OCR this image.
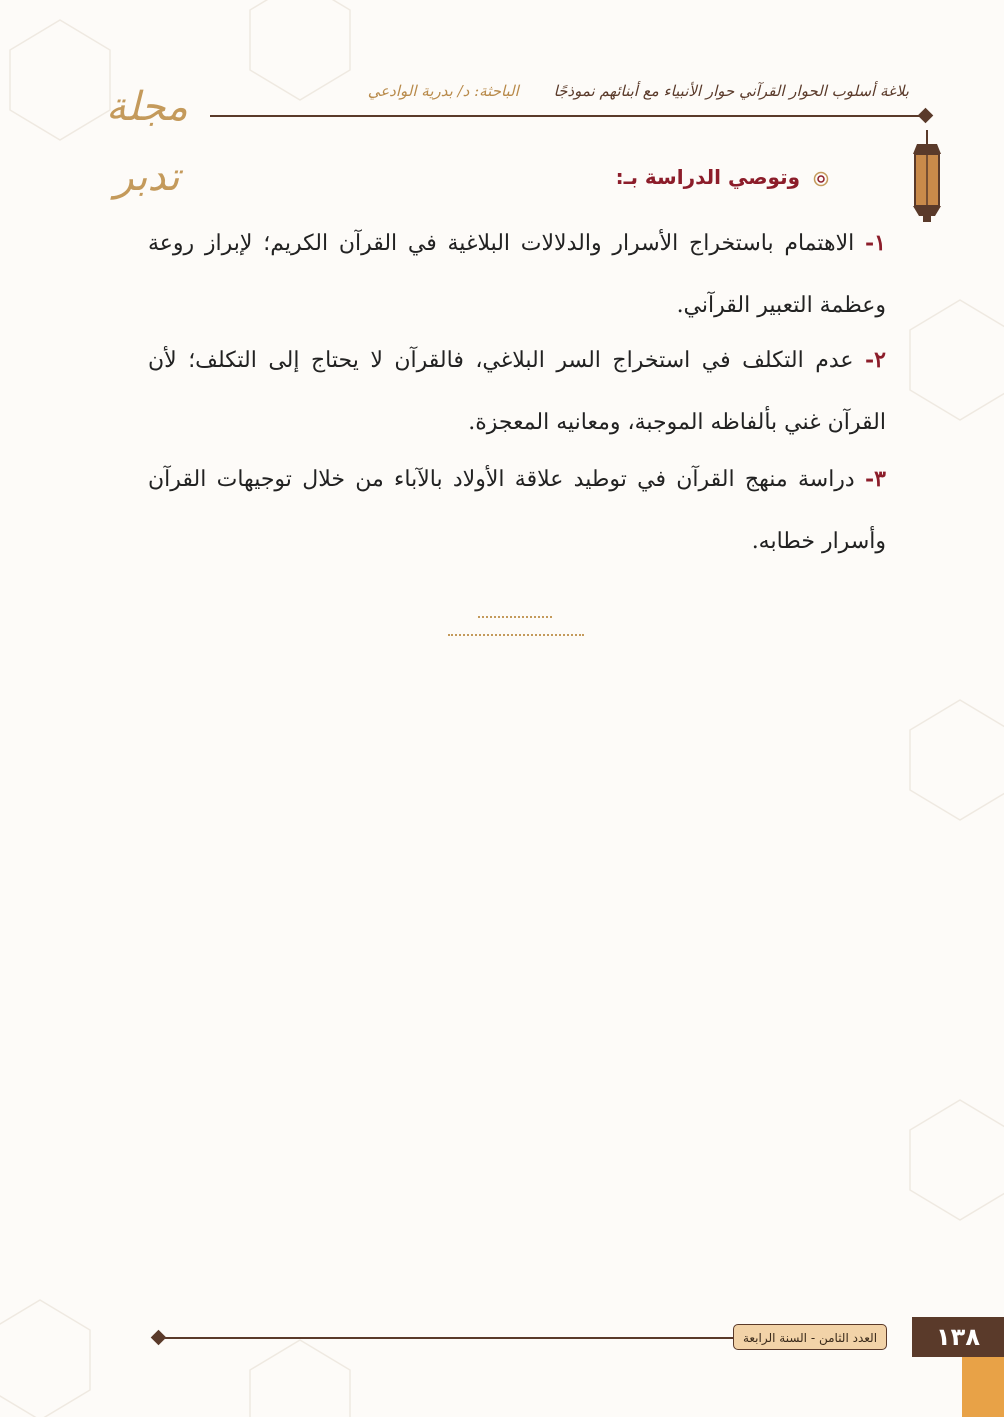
مجلة تدبر
بلاغة أسلوب الحوار القرآني حوار الأنبياء مع أبنائهم نموذجًا الباحثة: د/ بدرية الوادعي
وتوصي الدراسة بـ:
١- الاهتمام باستخراج الأسرار والدلالات البلاغية في القرآن الكريم؛ لإبراز روعة وعظمة التعبير القرآني.
٢- عدم التكلف في استخراج السر البلاغي، فالقرآن لا يحتاج إلى التكلف؛ لأن القرآن غني بألفاظه الموجبة، ومعانيه المعجزة.
٣- دراسة منهج القرآن في توطيد علاقة الأولاد بالآباء من خلال توجيهات القرآن وأسرار خطابه.
العدد الثامن - السنة الرابعة	١٣٨
